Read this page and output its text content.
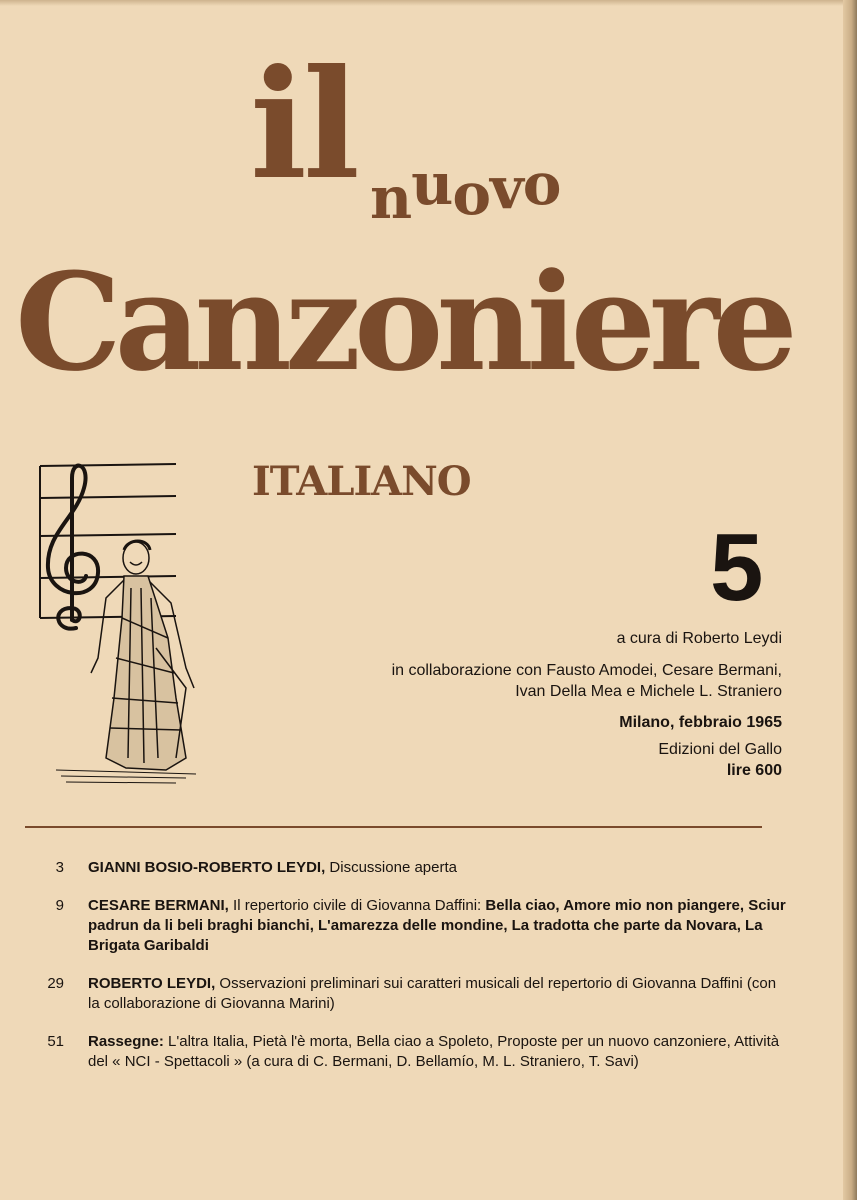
il nuovo
Canzoniere
ITALIANO
5
a cura di Roberto Leydi
in collaborazione con Fausto Amodei, Cesare Bermani,
Ivan Della Mea e Michele L. Straniero
Milano, febbraio 1965
Edizioni del Gallo
lire 600
3 GIANNI BOSIO-ROBERTO LEYDI, Discussione aperta
9 CESARE BERMANI, Il repertorio civile di Giovanna Daffini: Bella ciao, Amore mio non piangere, Sciur padrun da li beli braghi bianchi, L'amarezza delle mondine, La tradotta che parte da Novara, La Brigata Garibaldi
29 ROBERTO LEYDI, Osservazioni preliminari sui caratteri musicali del repertorio di Giovanna Daffini (con la collaborazione di Giovanna Marini)
51 Rassegne: L'altra Italia, Pietà l'è morta, Bella ciao a Spoleto, Proposte per un nuovo canzoniere, Attività del « NCI - Spettacoli » (a cura di C. Bermani, D. Bellamío, M. L. Straniero, T. Savi)
